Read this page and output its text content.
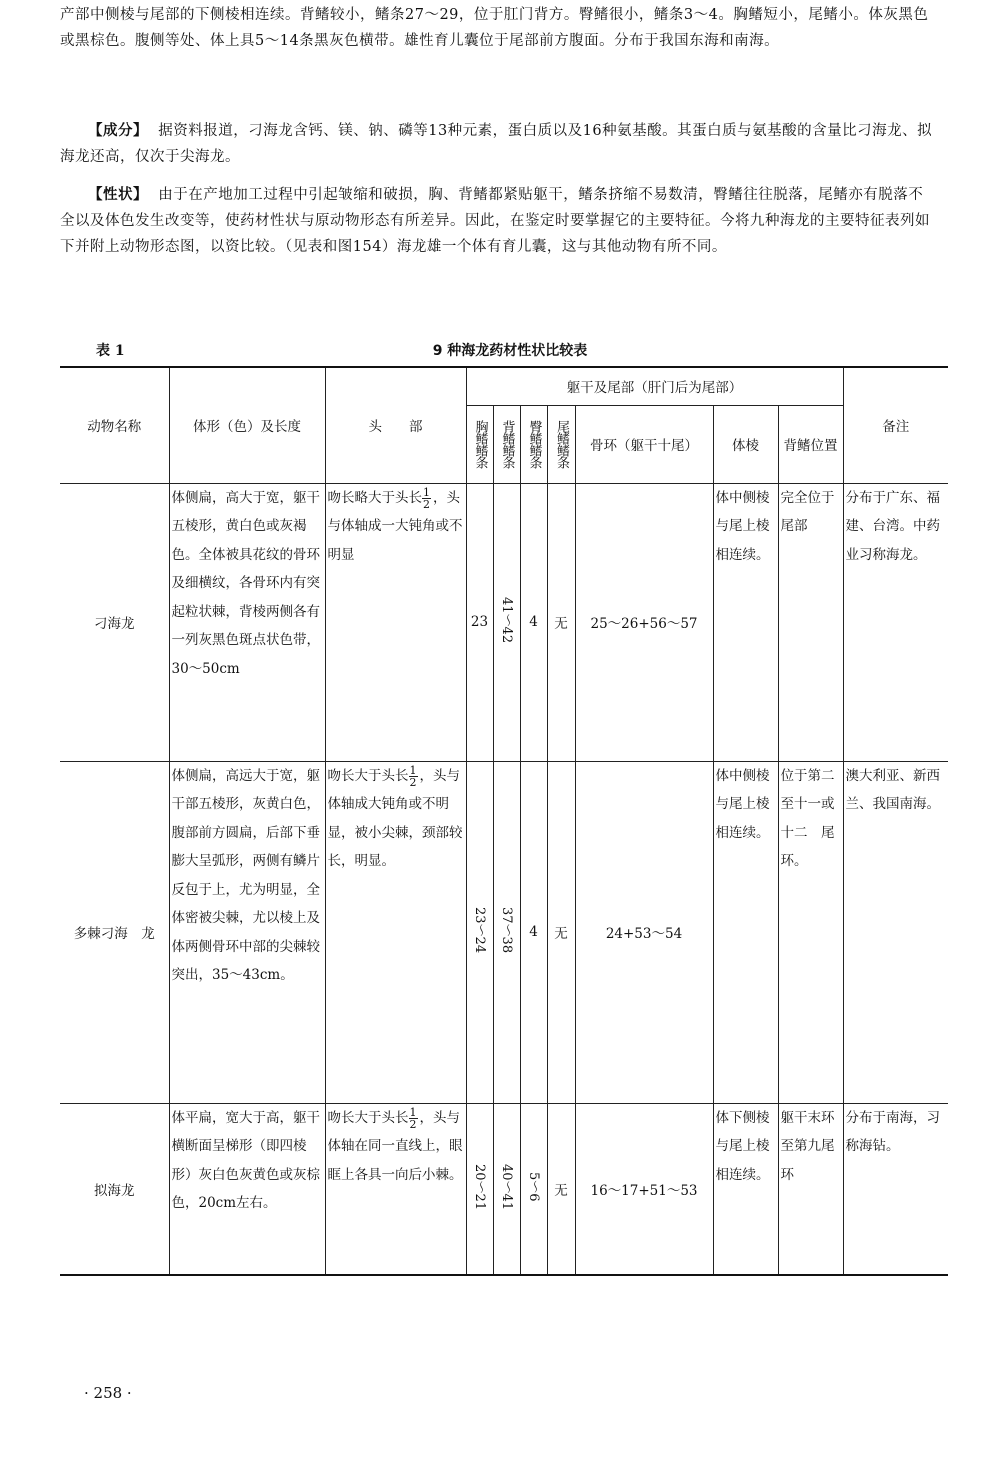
产部中侧棱与尾部的下侧棱相连续。背鳍较小，鳍条27～29，位于肛门背方。臀鳍很小，鳍条3～4。胸鳍短小，尾鳍小。体灰黑色或黑棕色。腹侧等处、体上具5～14条黑灰色横带。雄性育儿囊位于尾部前方腹面。分布于我国东海和南海。

【成分】 据资料报道，刁海龙含钙、镁、钠、磷等13种元素，蛋白质以及16种氨基酸。其蛋白质与氨基酸的含量比刁海龙、拟海龙还高，仅次于尖海龙。

【性状】 由于在产地加工过程中引起皱缩和破损，胸、背鳍都紧贴躯干，鳍条挤缩不易数清，臀鳍往往脱落，尾鳍亦有脱落不全以及体色发生改变等，使药材性状与原动物形态有所差异。因此，在鉴定时要掌握它的主要特征。今将九种海龙的主要特征表列如下并附上动物形态图，以资比较。（见表和图154）海龙雄一个体有育儿囊，这与其他动物有所不同。

表 1	9 种海龙药材性状比较表
动物名称	体形（色）及长度	头　　部	躯干及尾部（肝门后为尾部）							备注
			胸鳍鳍条	背鳍鳍条	臀鳍鳍条	尾鳍鳍条	骨环（躯干十尾）	体棱	背鳍位置	
刁海龙	体侧扁，高大于宽，躯干五棱形，黄白色或灰褐色。全体被具花纹的骨环及细横纹，各骨环内有突起粒状棘，背棱两侧各有一列灰黑色斑点状色带，30～50cm	吻长略大于头长 $\frac{1}{2}$ ，头与体轴成一大钝角或不明显	23	41～42	4	无	25～26+56～57	体中侧棱与尾上棱相连续。	完全位于尾部	分布于广东、福建、台湾。中药业习称海龙。
多棘刁海　龙	体侧扁，高远大于宽，躯干部五棱形，灰黄白色，腹部前方圆扁，后部下垂膨大呈弧形，两侧有鳞片反包于上，尤为明显，全体密被尖棘，尤以棱上及体两侧骨环中部的尖棘较突出，35～43cm。	吻长大于头长 $\frac{1}{2}$ ，头与体轴成大钝角或不明显，被小尖棘，颈部较长，明显。	23～24	37～38	4	无	24+53～54	体中侧棱与尾上棱相连续。	位于第二至十一或十二　尾环。	澳大利亚、新西兰、我国南海。
拟海龙	体平扁，宽大于高，躯干横断面呈梯形（即四棱形）灰白色灰黄色或灰棕色，20cm左右。	吻长大于头长 $\frac{1}{2}$ ，头与体轴在同一直线上，眼眶上各具一向后小棘。	20～21	40～41	5～6	无	16～17+51～53	体下侧棱与尾上棱相连续。	躯干末环至第九尾环	分布于南海，习称海钻。
· 258 ·
